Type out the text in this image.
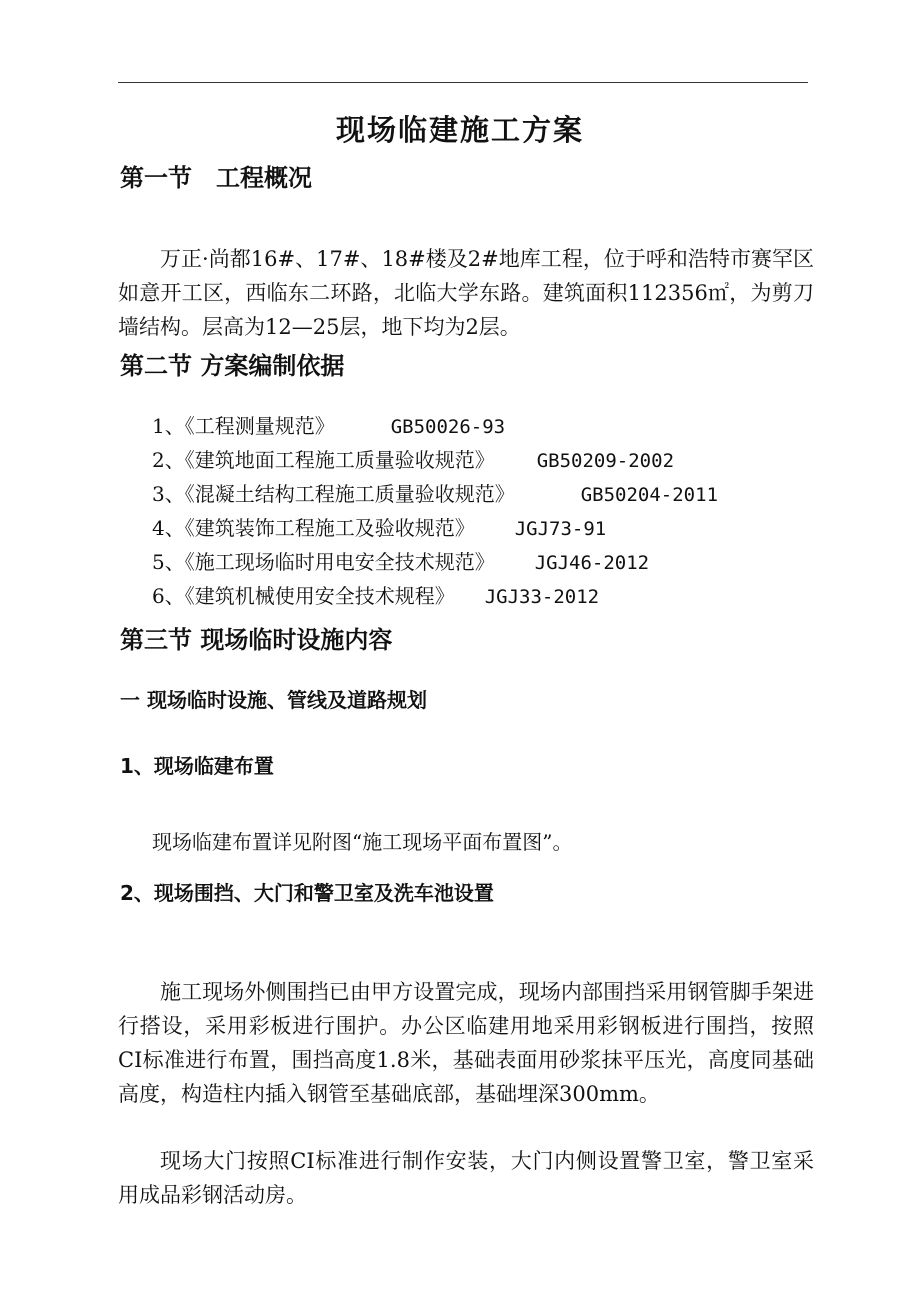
现场临建施工方案
第一节　工程概况

万正·尚都16#、17#、18#楼及2#地库工程，位于呼和浩特市赛罕区如意开工区，西临东二环路，北临大学东路。建筑面积112356㎡，为剪刀墙结构。层高为12—25层，地下均为2层。

第二节 方案编制依据
1、《工程测量规范》	GB50026-93
2、《建筑地面工程施工质量验收规范》 GB50209-2002
3、《混凝土结构工程施工质量验收规范》	GB50204-2011
4、《建筑装饰工程施工及验收规范》 JGJ73-91
5、《施工现场临时用电安全技术规范》 JGJ46-2012
6、《建筑机械使用安全技术规程》 JGJ33-2012
第三节 现场临时设施内容
一 现场临时设施、管线及道路规划
1、现场临建布置

现场临建布置详见附图“施工现场平面布置图”。

2、现场围挡、大门和警卫室及洗车池设置

施工现场外侧围挡已由甲方设置完成，现场内部围挡采用钢管脚手架进行搭设，采用彩板进行围护。办公区临建用地采用彩钢板进行围挡，按照CI标准进行布置，围挡高度1.8米，基础表面用砂浆抹平压光，高度同基础高度，构造柱内插入钢管至基础底部，基础埋深300mm。

现场大门按照CI标准进行制作安装，大门内侧设置警卫室，警卫室采用成品彩钢活动房。
